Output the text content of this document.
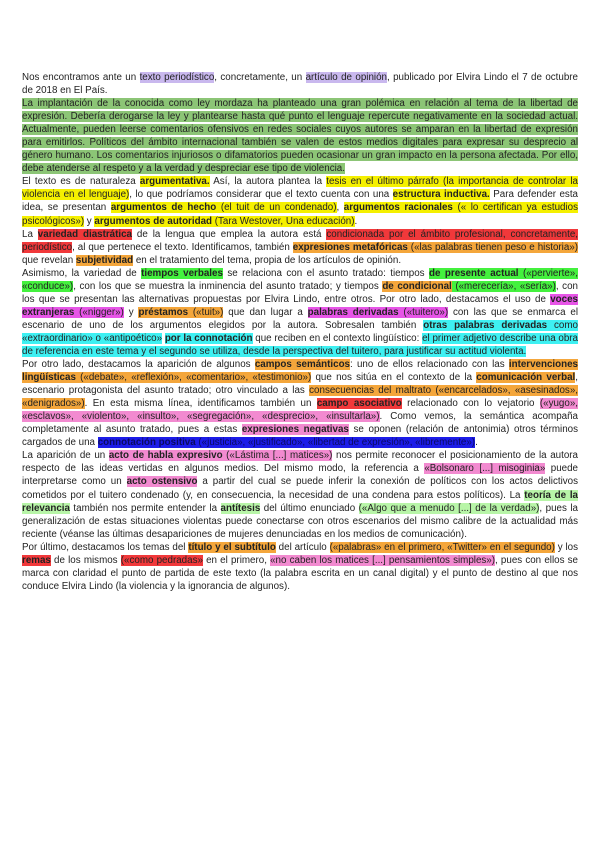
Nos encontramos ante un texto periodístico, concretamente, un artículo de opinión, publicado por Elvira Lindo el 7 de octubre de 2018 en El País.

La implantación de la conocida como ley mordaza ha planteado una gran polémica en relación al tema de la libertad de expresión. Debería derogarse la ley y plantearse hasta qué punto el lenguaje repercute negativamente en la sociedad actual. Actualmente, pueden leerse comentarios ofensivos en redes sociales cuyos autores se amparan en la libertad de expresión para emitirlos. Políticos del ámbito internacional también se valen de estos medios digitales para expresar su desprecio al género humano. Los comentarios injuriosos o difamatorios pueden ocasionar un gran impacto en la persona afectada. Por ello, debe atenderse al respeto y a la verdad y despreciar ese tipo de violencia.

El texto es de naturaleza argumentativa. Así, la autora plantea la tesis en el último párrafo (la importancia de controlar la violencia en el lenguaje), lo que podríamos considerar que el texto cuenta con una estructura inductiva. Para defender esta idea, se presentan argumentos de hecho (el tuit de un condenado), argumentos racionales (« lo certifican ya estudios psicológicos») y argumentos de autoridad (Tara Westover, Una educación).

La variedad diastrática de la lengua que emplea la autora está condicionada por el ámbito profesional, concretamente, periodístico, al que pertenece el texto. Identificamos, también expresiones metafóricas («las palabras tienen peso e historia») que revelan subjetividad en el tratamiento del tema, propia de los artículos de opinión.

Asimismo, la variedad de tiempos verbales se relaciona con el asunto tratado: tiempos de presente actual («pervierte», «conduce»), con los que se muestra la inminencia del asunto tratado; y tiempos de condicional («merecería», «sería»), con los que se presentan las alternativas propuestas por Elvira Lindo, entre otros. Por otro lado, destacamos el uso de voces extranjeras («nigger») y préstamos («tuit») que dan lugar a palabras derivadas («tuitero») con las que se enmarca el escenario de uno de los argumentos elegidos por la autora. Sobresalen también otras palabras derivadas como «extraordinario» o «antipoético» por la connotación que reciben en el contexto lingüístico: el primer adjetivo describe una obra de referencia en este tema y el segundo se utiliza, desde la perspectiva del tuitero, para justificar su actitud violenta.

Por otro lado, destacamos la aparición de algunos campos semánticos: uno de ellos relacionado con las intervenciones lingüísticas («debate», «reflexión», «comentario», «testimonio») que nos sitúa en el contexto de la comunicación verbal, escenario protagonista del asunto tratado; otro vinculado a las consecuencias del maltrato («encarcelados», «asesinados», «denigrados»). En esta misma línea, identificamos también un campo asociativo relacionado con lo vejatorio («yugo», «esclavos», «violento», «insulto», «segregación», «desprecio», «insultarla»). Como vemos, la semántica acompaña completamente al asunto tratado, pues a estas expresiones negativas se oponen (relación de antonimia) otros términos cargados de una connotación positiva («justicia», «justificado», «libertad de expresión», «libremente»).

La aparición de un acto de habla expresivo («Lástima [...] matices») nos permite reconocer el posicionamiento de la autora respecto de las ideas vertidas en algunos medios. Del mismo modo, la referencia a «Bolsonaro [...] misoginia» puede interpretarse como un acto ostensivo a partir del cual se puede inferir la conexión de políticos con los actos delictivos cometidos por el tuitero condenado (y, en consecuencia, la necesidad de una condena para estos políticos). La teoría de la relevancia también nos permite entender la antítesis del último enunciado («Algo que a menudo [...] de la verdad»), pues la generalización de estas situaciones violentas puede conectarse con otros escenarios del mismo calibre de la actualidad más reciente (véanse las últimas desapariciones de mujeres denunciadas en los medios de comunicación).

Por último, destacamos los temas del título y el subtítulo del artículo («palabras» en el primero, «Twitter» en el segundo) y los remas de los mismos («como pedradas» en el primero, «no caben los matices [...] pensamientos simples»), pues con ellos se marca con claridad el punto de partida de este texto (la palabra escrita en un canal digital) y el punto de destino al que nos conduce Elvira Lindo (la violencia y la ignorancia de algunos).
